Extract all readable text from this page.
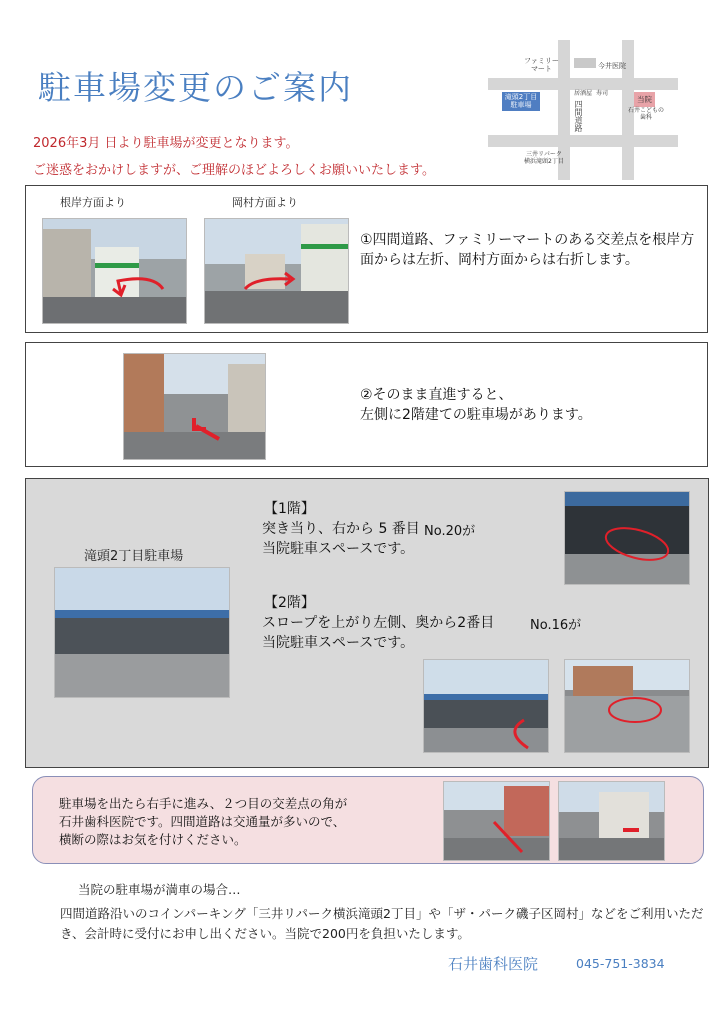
駐車場変更のご案内
2026年3月 日より駐車場が変更となります。
ご迷惑をおかけしますが、ご理解のほどよろしくお願いいたします。
ファミリー
マート	今井医院
滝頭2丁目
駐車場	四間道路
居酒屋 寿司
当院
石井こどもの
歯科
三井リパーク
横浜滝頭2丁目
根岸方面より	岡村方面より
①四間道路、ファミリーマートのある交差点を根岸方面からは左折、岡村方面からは右折します。
②そのまま直進すると、
左側に2階建ての駐車場があります。
滝頭2丁目駐車場
【1階】
突き当り、右から 5 番目 No.20が
当院駐車スペースです。
【2階】
スロープを上がり左側、奥から2番目	No.16が
当院駐車スペースです。
駐車場を出たら右手に進み、２つ目の交差点の角が
石井歯科医院です。四間道路は交通量が多いので、
横断の際はお気を付けください。
当院の駐車場が満車の場合…
四間道路沿いのコインパーキング「三井リパーク横浜滝頭2丁目」や「ザ・パーク磯子区岡村」などをご利用いただき、会計時に受付にお申し出ください。当院で200円を負担いたします。
石井歯科医院	045-751-3834
